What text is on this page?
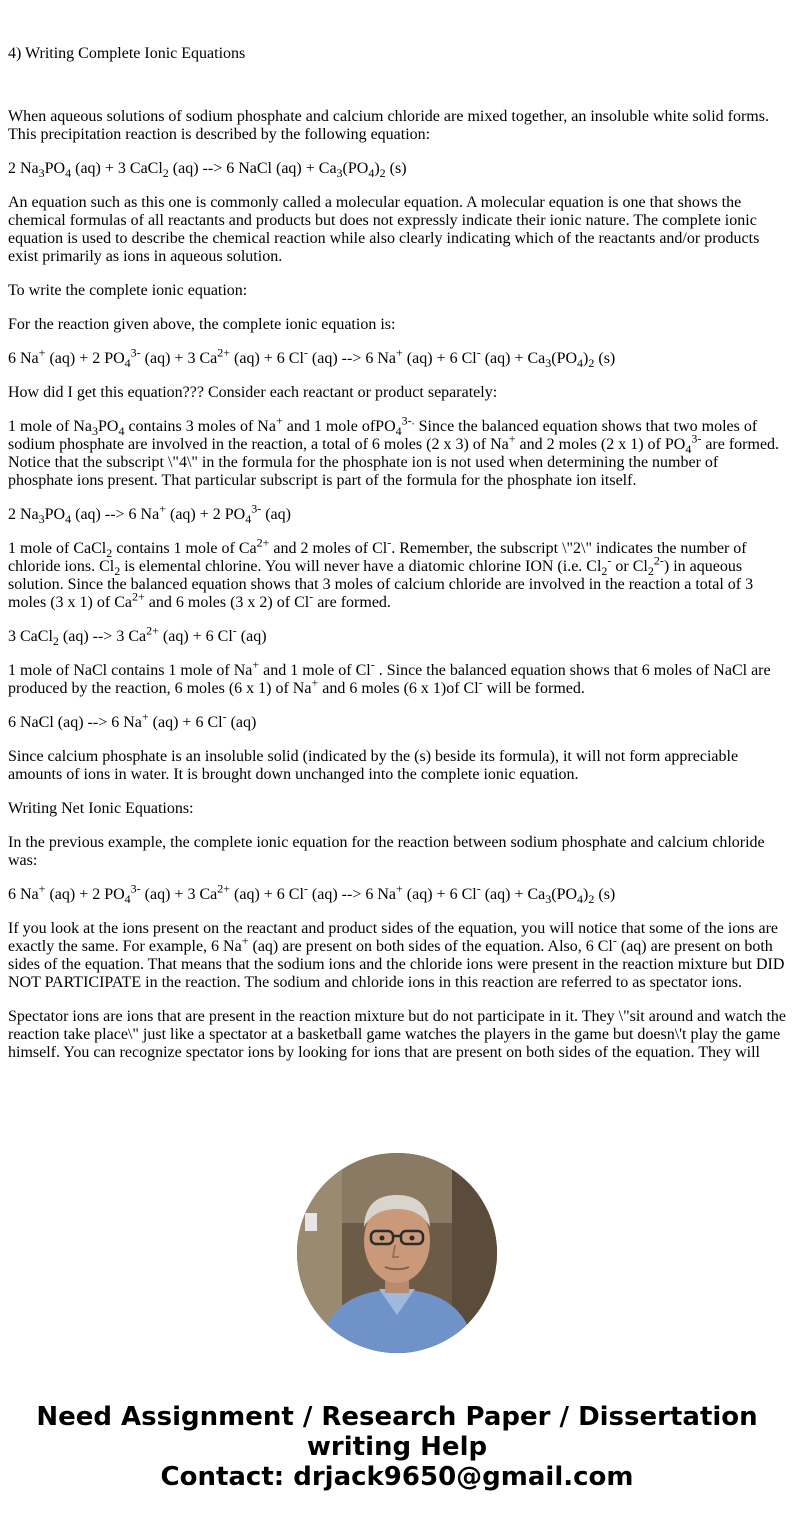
4) Writing Complete Ionic Equations

When aqueous solutions of sodium phosphate and calcium chloride are mixed together, an insoluble white solid forms. This precipitation reaction is described by the following equation:

2 $Na_3PO_4$ (aq) + 3 CaCl$_2$ (aq) --> 6 NaCl $(aq) + Ca_3(PO_4)_2$ (s)

An equation such as this one is commonly called a molecular equation. A molecular equation is one that shows the chemical formulas of all reactants and products but does not expressly indicate their ionic nature. The complete ionic equation is used to describe the chemical reaction while also clearly indicating which of the reactants and/or products exist primarily as ions in aqueous solution.

To write the complete ionic equation:

For the reaction given above, the complete ionic equation is:

6 Na+ (aq) + 2 $PO_4^{3-}$ (aq) + 3 $Ca^{2+}$ (aq) + 6 Cl- (aq) --> 6 Na+ (aq) + 6 Cl- $(aq) + Ca_3(PO_4)_2$ (s)

How did I get this equation??? Consider each reactant or product separately:

1 mole of $Na_3PO_4$ contains 3 moles of Na+ and 1 mole ofPO$_4^{3-.}$ Since the balanced equation shows that two moles of sodium phosphate are involved in the reaction, a total of 6 moles (2 x 3) of Na+ and 2 moles (2 x 1) of $PO_4^{3-}$ are formed. Notice that the subscript \"4\" in the formula for the phosphate ion is not used when determining the number of phosphate ions present. That particular subscript is part of the formula for the phosphate ion itself.

2 $Na_3PO_4$ (aq) --> 6 Na+ (aq) + 2 $PO_4^{3-}$ (aq)

1 mole of CaCl$_2$ contains 1 mole of $Ca^{2+}$ and 2 moles of Cl-. Remember, the subscript \"2\" indicates the number of chloride ions. $Cl_2$ is elemental chlorine. You will never have a diatomic chlorine ION (i.e. $Cl_2^-$ or $Cl_2^{2-}$) in aqueous solution. Since the balanced equation shows that 3 moles of calcium chloride are involved in the reaction a total of 3 moles (3 x 1) of $Ca^{2+}$ and 6 moles (3 x 2) of Cl- are formed.

3 CaCl$_2$ (aq) --> 3 $Ca^{2+}$ (aq) + 6 Cl- (aq)

1 mole of NaCl contains 1 mole of Na+ and 1 mole of Cl- . Since the balanced equation shows that 6 moles of NaCl are produced by the reaction, 6 moles (6 x 1) of Na+ and 6 moles (6 x 1)of Cl- will be formed.

6 NaCl (aq) --> 6 Na+ (aq) + 6 Cl- (aq)

Since calcium phosphate is an insoluble solid (indicated by the (s) beside its formula), it will not form appreciable amounts of ions in water. It is brought down unchanged into the complete ionic equation.

Writing Net Ionic Equations:

In the previous example, the complete ionic equation for the reaction between sodium phosphate and calcium chloride was:

6 Na+ (aq) + 2 $PO_4^{3-}$ (aq) + 3 $Ca^{2+}$ (aq) + 6 Cl- (aq) --> 6 Na+ (aq) + 6 Cl- $(aq) + Ca_3(PO_4)_2$ (s)

If you look at the ions present on the reactant and product sides of the equation, you will notice that some of the ions are exactly the same. For example, 6 Na+ (aq) are present on both sides of the equation. Also, 6 Cl- (aq) are present on both sides of the equation. That means that the sodium ions and the chloride ions were present in the reaction mixture but DID NOT PARTICIPATE in the reaction. The sodium and chloride ions in this reaction are referred to as spectator ions.

Spectator ions are ions that are present in the reaction mixture but do not participate in it. They \"sit around and watch the reaction take place\" just like a spectator at a basketball game watches the players in the game but doesn\'t play the game himself. You can recognize spectator ions by looking for ions that are present on both sides of the equation. They will

Need Assignment / Research Paper / Dissertation
writing Help
Contact: drjack9650@gmail.com
